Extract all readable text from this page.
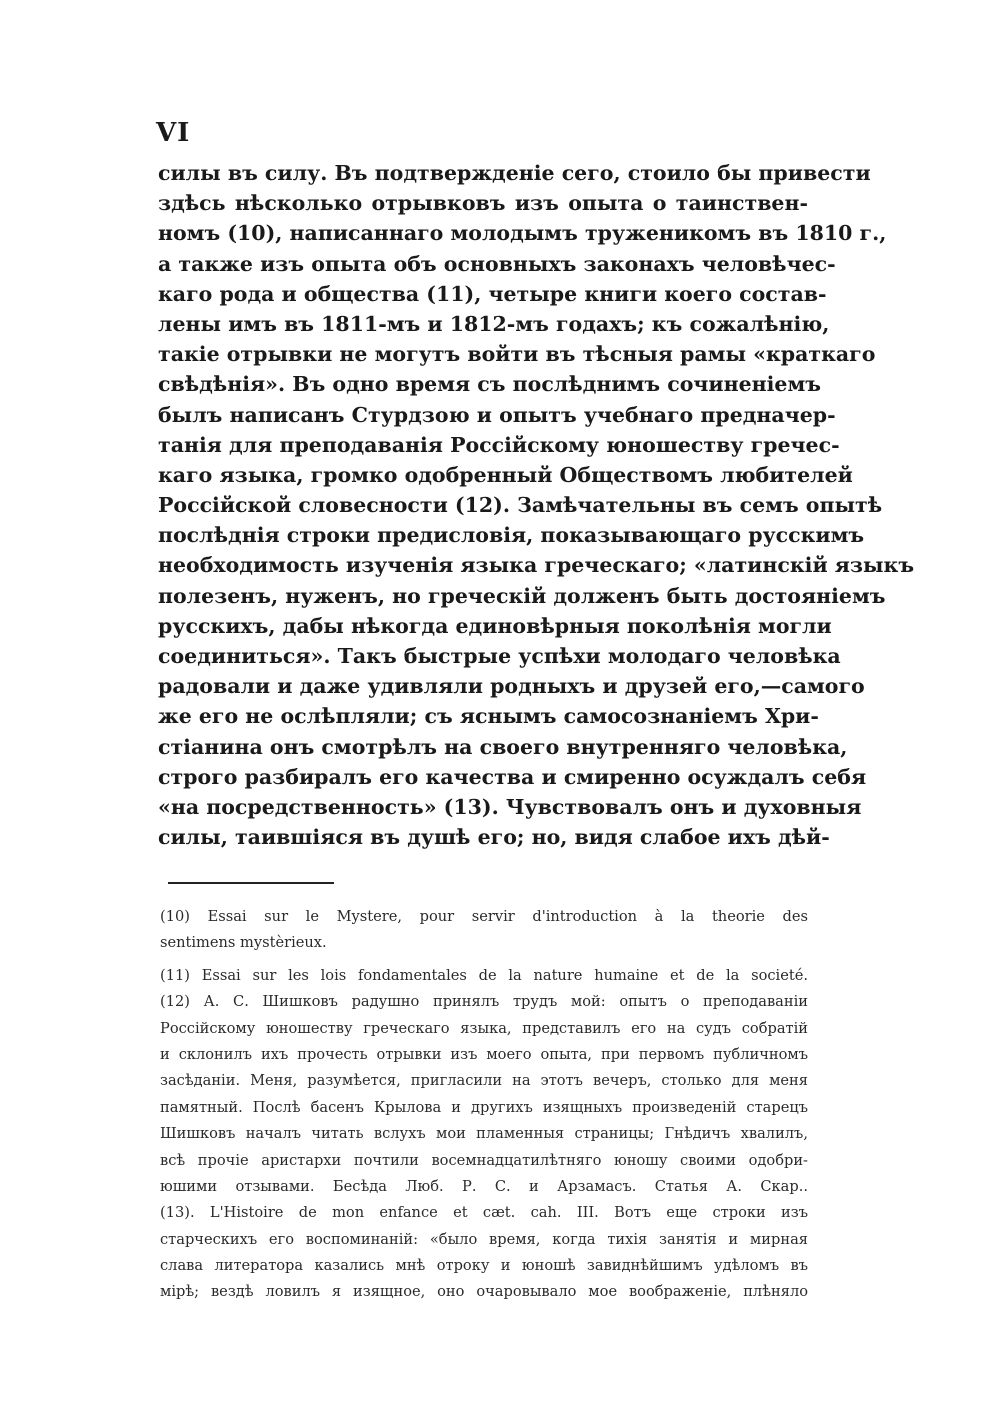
VI
силы въ силу. Въ подтвержденіе сего, стоило бы привести
здѣсь нѣсколько отрывковъ изъ опыта о таинствен-
номъ (10), написаннаго молодымъ труженикомъ въ 1810 г.,
а также изъ опыта объ основныхъ законахъ человѣчес-
каго рода и общества (11), четыре книги коего состав-
лены имъ въ 1811-мъ и 1812-мъ годахъ; къ сожалѣнію,
такіе отрывки не могутъ войти въ тѣсныя рамы «краткаго
свѣдѣнія». Въ одно время съ послѣднимъ сочиненіемъ
былъ написанъ Стурдзою и опытъ учебнаго предначер-
танія для преподаванія Россійскому юношеству гречес-
каго языка, громко одобренный Обществомъ любителей
Россійской словесности (12). Замѣчательны въ семъ опытѣ
послѣднія строки предисловія, показывающаго русскимъ
необходимость изученія языка греческаго; «латинскій языкъ
полезенъ, нуженъ, но греческій долженъ быть достояніемъ
русскихъ, дабы нѣкогда единовѣрныя поколѣнія могли
соединиться». Такъ быстрые успѣхи молодаго человѣка
радовали и даже удивляли родныхъ и друзей его,—самого
же его не ослѣпляли; съ яснымъ самосознаніемъ Хри-
стіанина онъ смотрѣлъ на своего внутренняго человѣка,
строго разбиралъ его качества и смиренно осуждалъ себя
«на посредственность» (13). Чувствовалъ онъ и духовныя
силы, таившіяся въ душѣ его; но, видя слабое ихъ дѣй-
(10) Essai sur le Mystere, pour servir d'introduction à la theorie des
sentimens mystèrieux.
(11) Essai sur les lois fondamentales de la nature humaine et de la societé.
(12) А. С. Шишковъ радушно принялъ трудъ мой: опытъ о преподаваніи
Россійскому юношеству греческаго языка, представилъ его на судъ собратій
и склонилъ ихъ прочесть отрывки изъ моего опыта, при первомъ публичномъ
засѣданіи. Меня, разумѣется, пригласили на этотъ вечеръ, столько для меня
памятный. Послѣ басенъ Крылова и другихъ изящныхъ произведеній старецъ
Шишковъ началъ читать вслухъ мои пламенныя страницы; Гнѣдичъ хвалилъ,
всѣ прочіе аристархи почтили восемнадцатилѣтняго юношу своими одобри-
юшими отзывами. Бесѣда Люб. Р. С. и Арзамасъ. Статья А. Скар..
(13). L'Histoire de mon enfance et cæt. cah. III. Вотъ еще строки изъ
старческихъ его воспоминаній: «было время, когда тихія занятія и мирная
слава литератора казались мнѣ отроку и юношѣ завиднѣйшимъ удѣломъ въ
мірѣ; вездѣ ловилъ я изящное, оно очаровывало мое воображеніе, плѣняло
